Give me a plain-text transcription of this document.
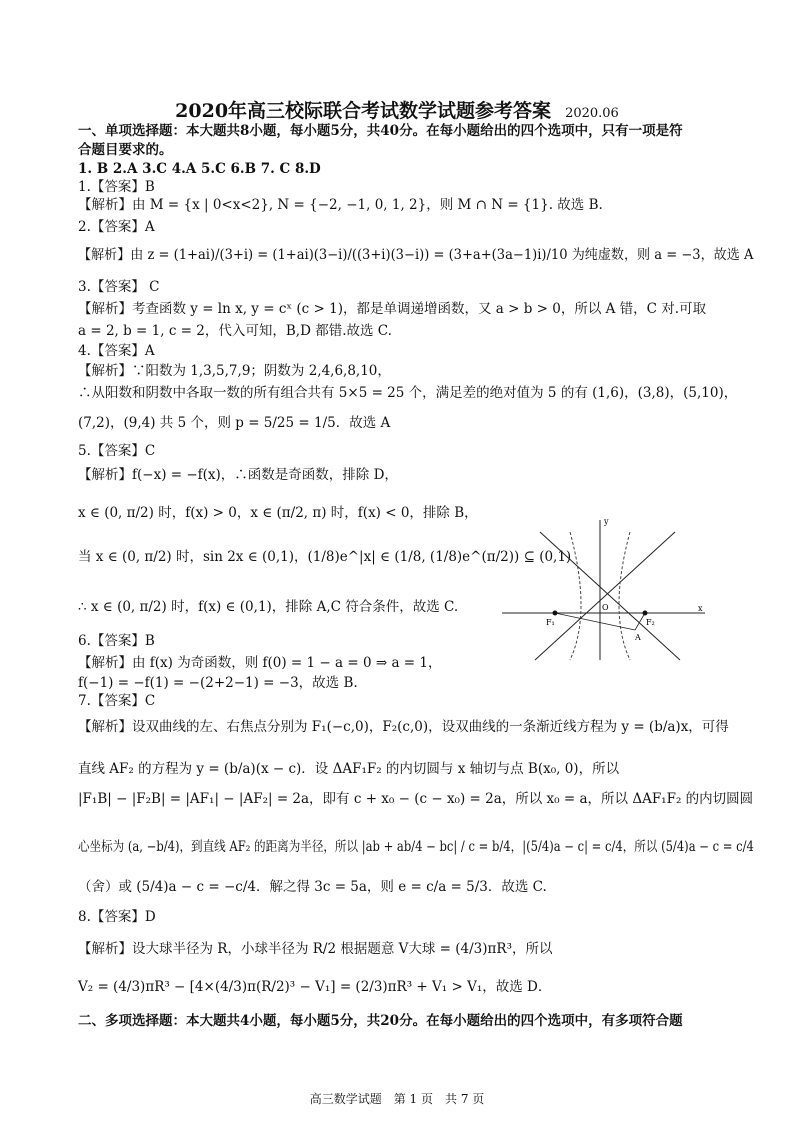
2020年高三校际联合考试数学试题参考答案 2020.06
一、单项选择题：本大题共8小题，每小题5分，共40分。在每小题给出的四个选项中，只有一项是符
合题目要求的。
1. B 2.A 3.C 4.A 5.C 6.B 7. C 8.D
1.【答案】B
【解析】由 M = {x | 0<x<2}, N = {−2, −1, 0, 1, 2}，则 M ∩ N = {1}. 故选 B.
2.【答案】A
【解析】由 z = (1+ai)/(3+i) = (1+ai)(3−i)/((3+i)(3−i)) = (3+a+(3a−1)i)/10 为纯虚数，则 a = −3，故选 A
3.【答案】 C
【解析】考查函数 y = ln x, y = cˣ (c > 1)，都是单调递增函数，又 a > b > 0，所以 A 错，C 对.可取
a = 2, b = 1, c = 2，代入可知，B,D 都错.故选 C.
4.【答案】A
【解析】∵阳数为 1,3,5,7,9；阴数为 2,4,6,8,10，
∴从阳数和阴数中各取一数的所有组合共有 5×5 = 25 个，满足差的绝对值为 5 的有 (1,6)，(3,8)，(5,10)，
(7,2)，(9,4) 共 5 个，则 p = 5/25 = 1/5．故选 A
5.【答案】C
【解析】f(−x) = −f(x)，∴函数是奇函数，排除 D，
x ∈ (0, π/2) 时，f(x) > 0，x ∈ (π/2, π) 时，f(x) < 0，排除 B，
当 x ∈ (0, π/2) 时，sin 2x ∈ (0,1)，(1/8)e^|x| ∈ (1/8, (1/8)e^(π/2)) ⊆ (0,1)
∴ x ∈ (0, π/2) 时，f(x) ∈ (0,1)，排除 A,C 符合条件，故选 C.
6.【答案】B
【解析】由 f(x) 为奇函数，则 f(0) = 1 − a = 0 ⇒ a = 1，
f(−1) = −f(1) = −(2+2−1) = −3，故选 B.
7.【答案】C
【解析】设双曲线的左、右焦点分别为 F₁(−c,0)，F₂(c,0)，设双曲线的一条渐近线方程为 y = (b/a)x，可得
直线 AF₂ 的方程为 y = (b/a)(x − c)．设 ΔAF₁F₂ 的内切圆与 x 轴切与点 B(x₀, 0)，所以
|F₁B| − |F₂B| = |AF₁| − |AF₂| = 2a，即有 c + x₀ − (c − x₀) = 2a，所以 x₀ = a，所以 ΔAF₁F₂ 的内切圆圆
心坐标为 (a, −b/4)，到直线 AF₂ 的距离为半径，所以 |ab + ab/4 − bc| / c = b/4，|(5/4)a − c| = c/4，所以 (5/4)a − c = c/4
（舍）或 (5/4)a − c = −c/4．解之得 3c = 5a，则 e = c/a = 5/3．故选 C.
8.【答案】D
【解析】设大球半径为 R，小球半径为 R/2 根据题意 V大球 = (4/3)πR³，所以
V₂ = (4/3)πR³ − [4×(4/3)π(R/2)³ − V₁] = (2/3)πR³ + V₁ > V₁，故选 D．
二、多项选择题：本大题共4小题，每小题5分，共20分。在每小题给出的四个选项中，有多项符合题
y
x
F₁	F₂
A
O
高三数学试题　第 1 页　共 7 页
